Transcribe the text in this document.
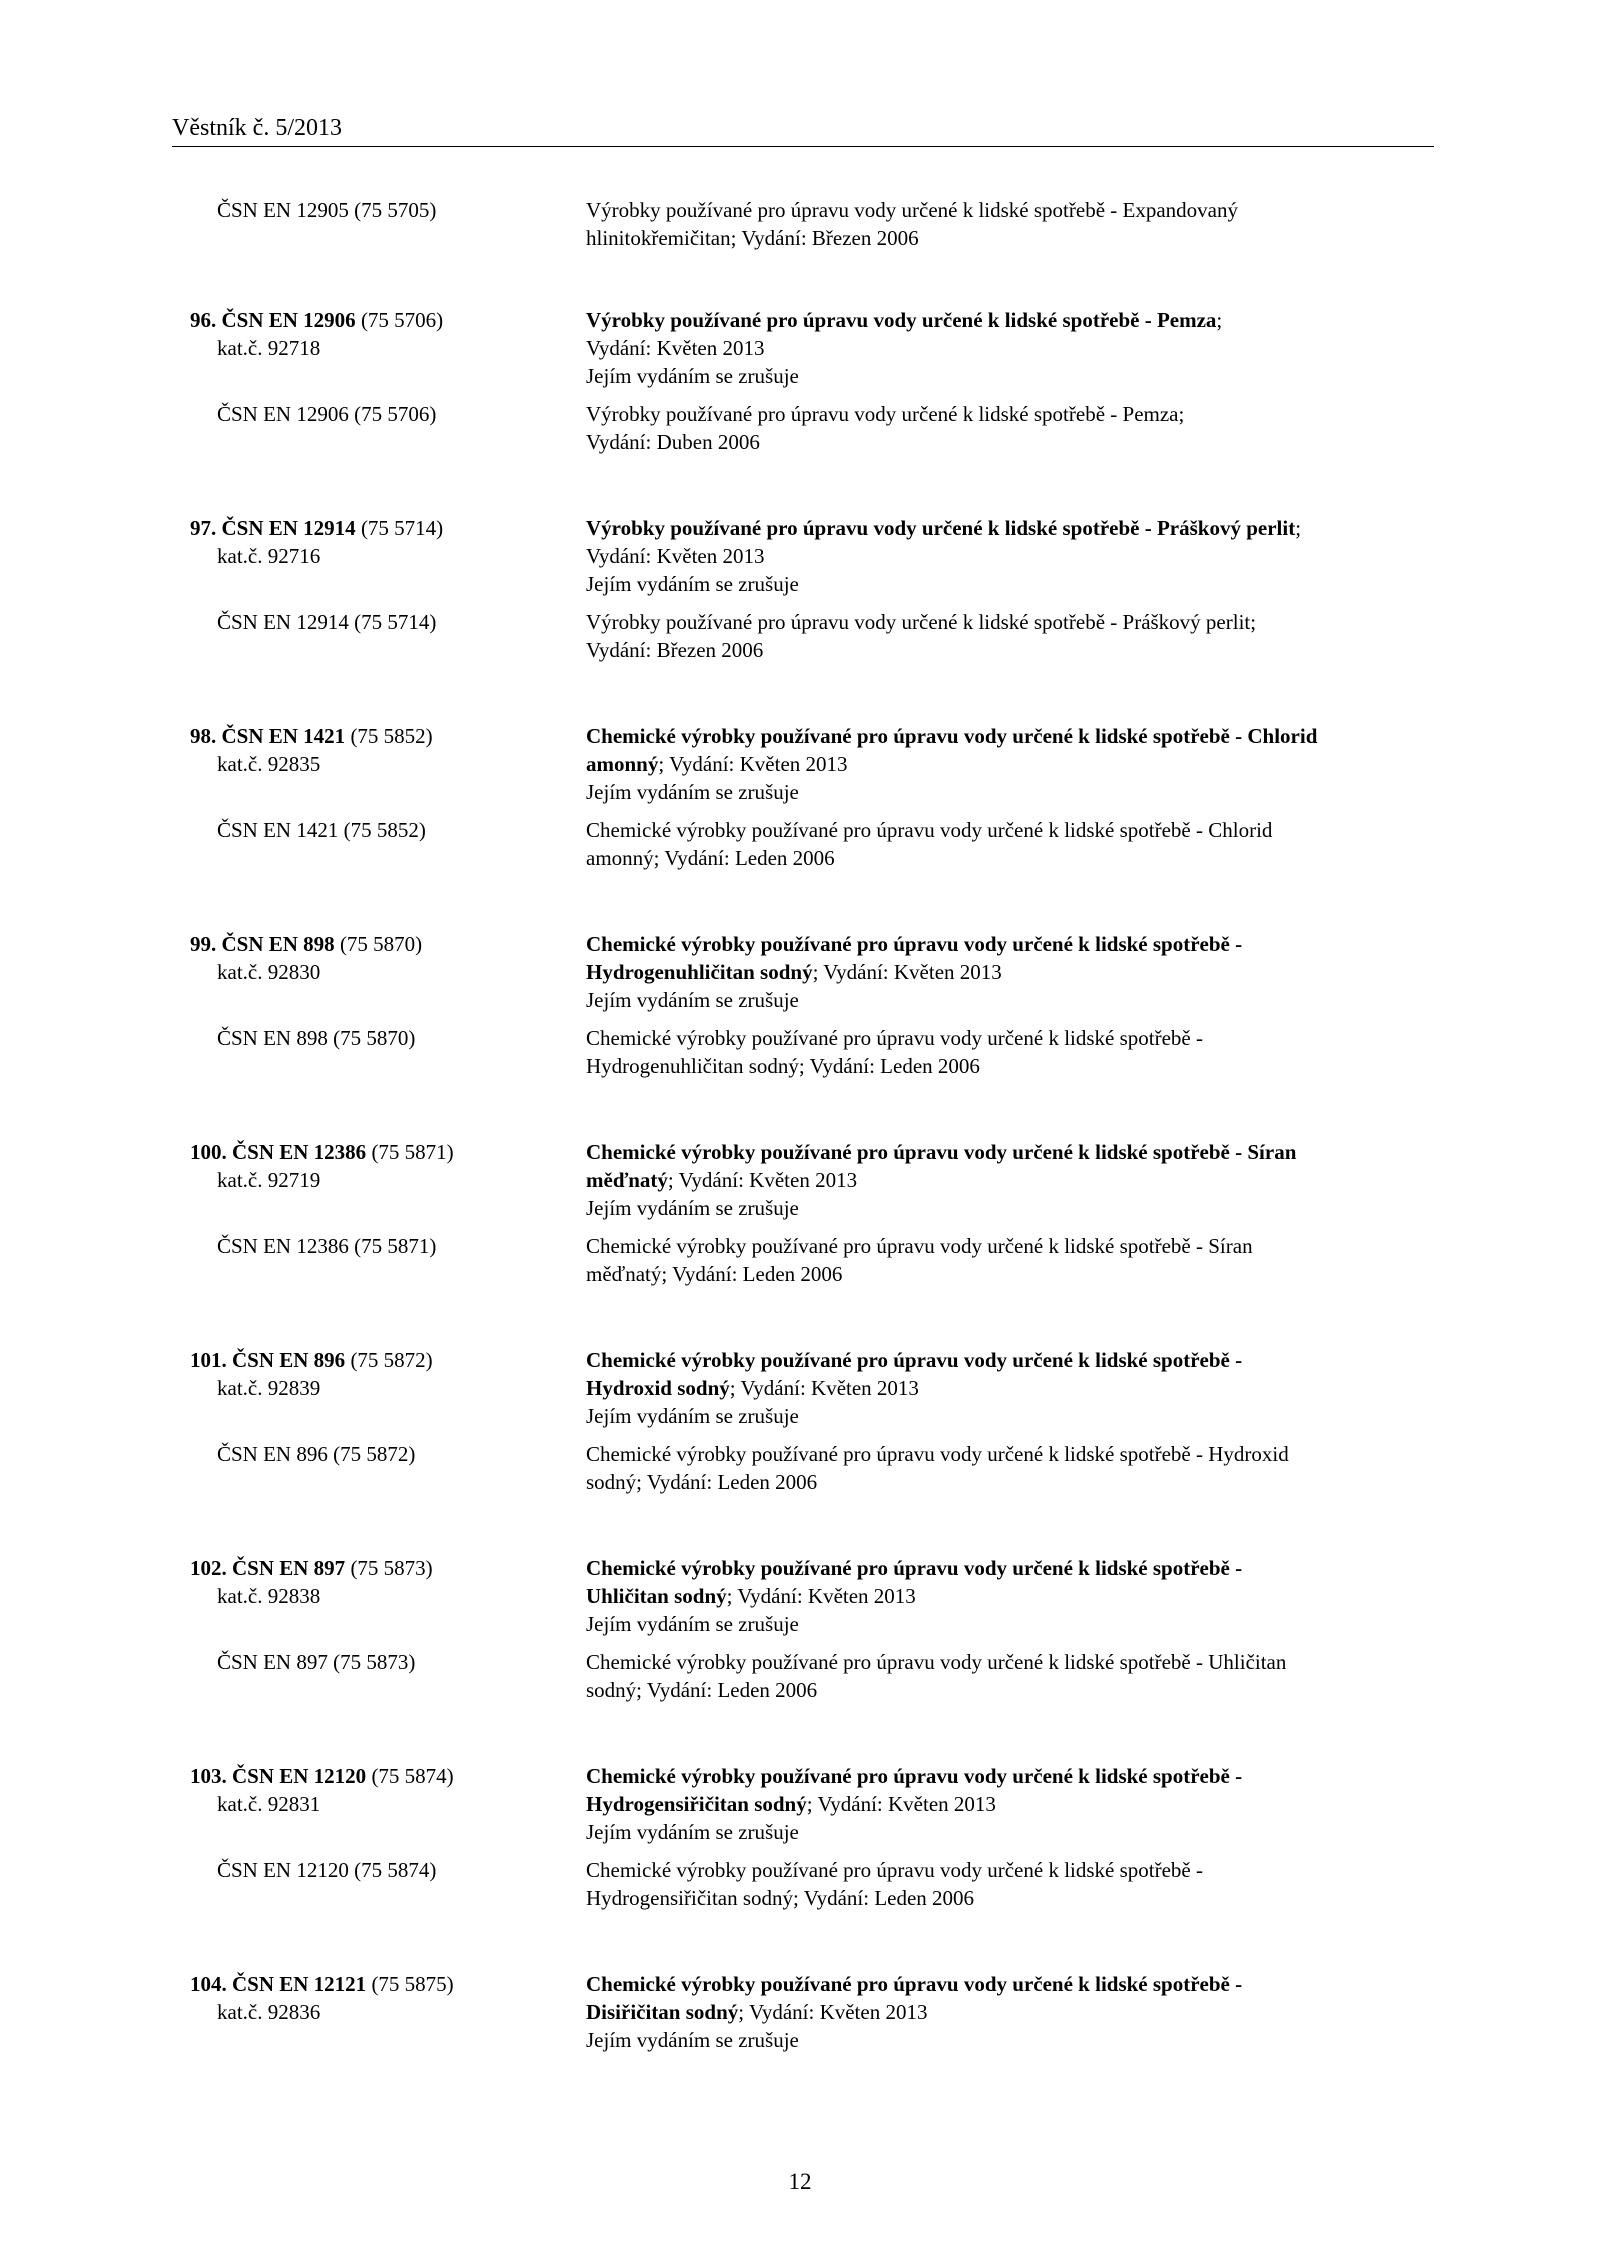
Věstník č. 5/2013
ČSN EN 12905 (75 5705)	Výrobky používané pro úpravu vody určené k lidské spotřebě - Expandovaný
hlinitokřemičitan; Vydání: Březen 2006
96. ČSN EN 12906 (75 5706)
kat.č. 92718
ČSN EN 12906 (75 5706)
Výrobky používané pro úpravu vody určené k lidské spotřebě - Pemza;
Vydání: Květen 2013
Jejím vydáním se zrušuje
Výrobky používané pro úpravu vody určené k lidské spotřebě - Pemza;
Vydání: Duben 2006
97. ČSN EN 12914 (75 5714)
kat.č. 92716
ČSN EN 12914 (75 5714)
Výrobky používané pro úpravu vody určené k lidské spotřebě - Práškový perlit;
Vydání: Květen 2013
Jejím vydáním se zrušuje
Výrobky používané pro úpravu vody určené k lidské spotřebě - Práškový perlit;
Vydání: Březen 2006
98. ČSN EN 1421 (75 5852)
kat.č. 92835
ČSN EN 1421 (75 5852)
Chemické výrobky používané pro úpravu vody určené k lidské spotřebě - Chlorid
amonný; Vydání: Květen 2013
Jejím vydáním se zrušuje
Chemické výrobky používané pro úpravu vody určené k lidské spotřebě - Chlorid
amonný; Vydání: Leden 2006
99. ČSN EN 898 (75 5870)
kat.č. 92830
ČSN EN 898 (75 5870)
Chemické výrobky používané pro úpravu vody určené k lidské spotřebě -
Hydrogenuhličitan sodný; Vydání: Květen 2013
Jejím vydáním se zrušuje
Chemické výrobky používané pro úpravu vody určené k lidské spotřebě -
Hydrogenuhličitan sodný; Vydání: Leden 2006
100. ČSN EN 12386 (75 5871)
kat.č. 92719
ČSN EN 12386 (75 5871)
Chemické výrobky používané pro úpravu vody určené k lidské spotřebě - Síran
měďnatý; Vydání: Květen 2013
Jejím vydáním se zrušuje
Chemické výrobky používané pro úpravu vody určené k lidské spotřebě - Síran
měďnatý; Vydání: Leden 2006
101. ČSN EN 896 (75 5872)
kat.č. 92839
ČSN EN 896 (75 5872)
Chemické výrobky používané pro úpravu vody určené k lidské spotřebě -
Hydroxid sodný; Vydání: Květen 2013
Jejím vydáním se zrušuje
Chemické výrobky používané pro úpravu vody určené k lidské spotřebě - Hydroxid
sodný; Vydání: Leden 2006
102. ČSN EN 897 (75 5873)
kat.č. 92838
ČSN EN 897 (75 5873)
Chemické výrobky používané pro úpravu vody určené k lidské spotřebě -
Uhličitan sodný; Vydání: Květen 2013
Jejím vydáním se zrušuje
Chemické výrobky používané pro úpravu vody určené k lidské spotřebě - Uhličitan
sodný; Vydání: Leden 2006
103. ČSN EN 12120 (75 5874)
kat.č. 92831
ČSN EN 12120 (75 5874)
Chemické výrobky používané pro úpravu vody určené k lidské spotřebě -
Hydrogensiřičitan sodný; Vydání: Květen 2013
Jejím vydáním se zrušuje
Chemické výrobky používané pro úpravu vody určené k lidské spotřebě -
Hydrogensiřičitan sodný; Vydání: Leden 2006
104. ČSN EN 12121 (75 5875)
kat.č. 92836
Chemické výrobky používané pro úpravu vody určené k lidské spotřebě -
Disiřičitan sodný; Vydání: Květen 2013
Jejím vydáním se zrušuje
12
